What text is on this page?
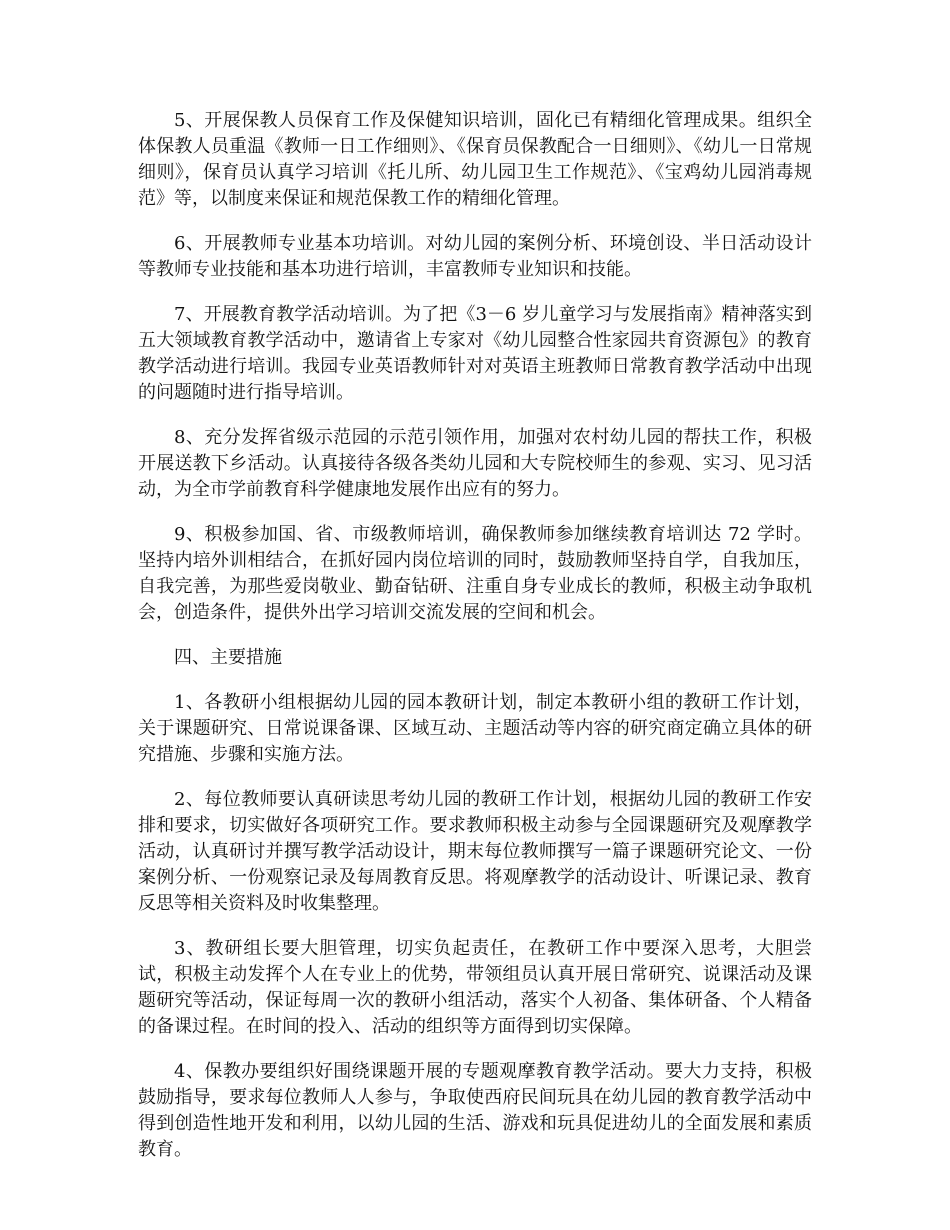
5、开展保教人员保育工作及保健知识培训，固化已有精细化管理成果。组织全体保教人员重温《教师一日工作细则》、《保育员保教配合一日细则》、《幼儿一日常规细则》，保育员认真学习培训《托儿所、幼儿园卫生工作规范》、《宝鸡幼儿园消毒规范》等，以制度来保证和规范保教工作的精细化管理。

6、开展教师专业基本功培训。对幼儿园的案例分析、环境创设、半日活动设计等教师专业技能和基本功进行培训，丰富教师专业知识和技能。

7、开展教育教学活动培训。为了把《3－6 岁儿童学习与发展指南》精神落实到五大领域教育教学活动中，邀请省上专家对《幼儿园整合性家园共育资源包》的教育教学活动进行培训。我园专业英语教师针对对英语主班教师日常教育教学活动中出现的问题随时进行指导培训。

8、充分发挥省级示范园的示范引领作用，加强对农村幼儿园的帮扶工作，积极开展送教下乡活动。认真接待各级各类幼儿园和大专院校师生的参观、实习、见习活动，为全市学前教育科学健康地发展作出应有的努力。

9、积极参加国、省、市级教师培训，确保教师参加继续教育培训达 72 学时。坚持内培外训相结合，在抓好园内岗位培训的同时，鼓励教师坚持自学，自我加压，自我完善，为那些爱岗敬业、勤奋钻研、注重自身专业成长的教师，积极主动争取机会，创造条件，提供外出学习培训交流发展的空间和机会。

四、主要措施

1、各教研小组根据幼儿园的园本教研计划，制定本教研小组的教研工作计划，关于课题研究、日常说课备课、区域互动、主题活动等内容的研究商定确立具体的研究措施、步骤和实施方法。

2、每位教师要认真研读思考幼儿园的教研工作计划，根据幼儿园的教研工作安排和要求，切实做好各项研究工作。要求教师积极主动参与全园课题研究及观摩教学活动，认真研讨并撰写教学活动设计，期末每位教师撰写一篇子课题研究论文、一份案例分析、一份观察记录及每周教育反思。将观摩教学的活动设计、听课记录、教育反思等相关资料及时收集整理。

3、教研组长要大胆管理，切实负起责任，在教研工作中要深入思考，大胆尝试，积极主动发挥个人在专业上的优势，带领组员认真开展日常研究、说课活动及课题研究等活动，保证每周一次的教研小组活动，落实个人初备、集体研备、个人精备的备课过程。在时间的投入、活动的组织等方面得到切实保障。

4、保教办要组织好围绕课题开展的专题观摩教育教学活动。要大力支持，积极鼓励指导，要求每位教师人人参与，争取使西府民间玩具在幼儿园的教育教学活动中得到创造性地开发和利用，以幼儿园的生活、游戏和玩具促进幼儿的全面发展和素质教育。
